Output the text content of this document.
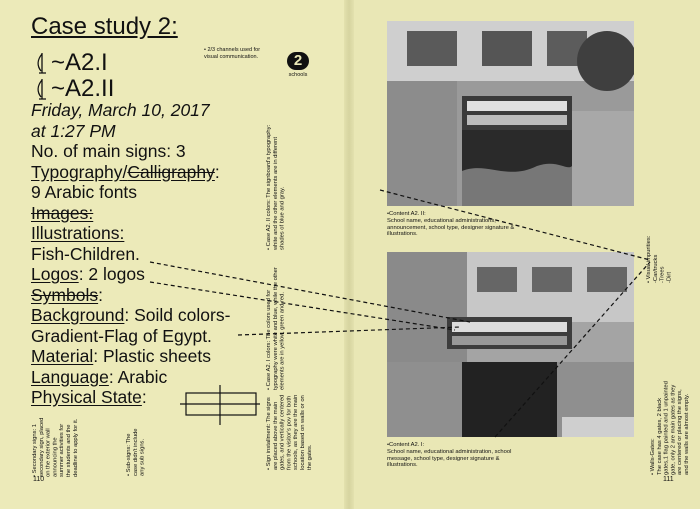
Case study 2:
~A2.I
~A2.II
• 2/3 channels used for visual communication.	2
schools
Friday, March 10, 2017
at 1:27 PM
No. of main signs: 3
Typography/Calligraphy:
9 Arabic fonts
Images:
Illustrations:
Fish-Children.
Logos: 2 logos
Symbols:
Background: Soild colors-
Gradient-Flag of Egypt.
Material: Plastic sheets
Language: Arabic
Physical State:
• Case A2. II colors: The signboard's typography: white and the other elements are in different shades of blue and gray.
• Case A2. I colors: The colors used for typography were white and blue, while the other elements are in yellow, green and red.
• Sign installment: The signs are placed above the main gates, and vertically centered from the visitor's pov for both schools, as they are the main location based on walls or on the gates.
• Secondary signs: 1 secondary sign, placed on the exterior wall announcing the summer activities for the students and the deadline to apply for it.	• Sub-signs: The case didn't include any sub signs.
110
•Content A2. II:
School name, educational administrations, announcement, school type, designer signature & illustrations.
•Content A2. I:
School name, educational administration, school message, school type, designer signature & illustrations.
• Visual impurities:
-Car/trucks
-Trees
-Dirt
• Walls-Gates:
The case has 4 gates, 2 black gates,1 flag painted and 1 unpainted gate, only 2 are main gates as they are centered or placing the signs, and the walls are almost empty.
111
